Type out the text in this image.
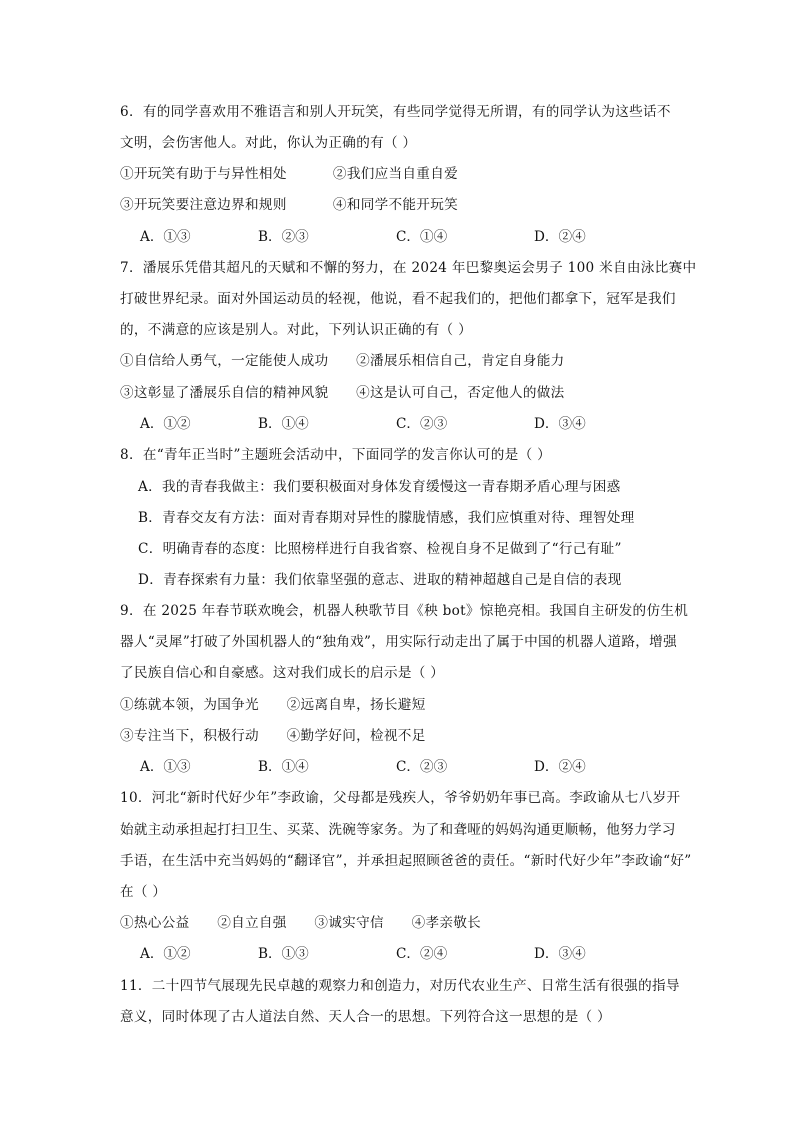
6．有的同学喜欢用不雅语言和别人开玩笑，有些同学觉得无所谓，有的同学认为这些话不
文明，会伤害他人。对此，你认为正确的有（ ）
①开玩笑有助于与异性相处          ②我们应当自重自爱
③开玩笑要注意边界和规则          ④和同学不能开玩笑
A．①③	B．②③	C．①④	D．②④
7．潘展乐凭借其超凡的天赋和不懈的努力，在 2024 年巴黎奥运会男子 100 米自由泳比赛中
打破世界纪录。面对外国运动员的轻视，他说，看不起我们的，把他们都拿下，冠军是我们
的，不满意的应该是别人。对此，下列认识正确的有（ ）
①自信给人勇气，一定能使人成功      ②潘展乐相信自己，肯定自身能力
③这彰显了潘展乐自信的精神风貌      ④这是认可自己，否定他人的做法
A．①②	B．①④	C．②③	D．③④
8．在“青年正当时”主题班会活动中，下面同学的发言你认可的是（ ）
A．我的青春我做主：我们要积极面对身体发育缓慢这一青春期矛盾心理与困惑
B．青春交友有方法：面对青春期对异性的朦胧情感，我们应慎重对待、理智处理
C．明确青春的态度：比照榜样进行自我省察、检视自身不足做到了“行己有耻”
D．青春探索有力量：我们依靠坚强的意志、进取的精神超越自己是自信的表现
9．在 2025 年春节联欢晚会，机器人秧歌节目《秧 bot》惊艳亮相。我国自主研发的仿生机
器人“灵犀”打破了外国机器人的“独角戏”，用实际行动走出了属于中国的机器人道路，增强
了民族自信心和自豪感。这对我们成长的启示是（ ）
①练就本领，为国争光      ②远离自卑，扬长避短
③专注当下，积极行动      ④勤学好问，检视不足
A．①③	B．①④	C．②③	D．②④
10．河北“新时代好少年”李政谕，父母都是残疾人，爷爷奶奶年事已高。李政谕从七八岁开
始就主动承担起打扫卫生、买菜、洗碗等家务。为了和聋哑的妈妈沟通更顺畅，他努力学习
手语，在生活中充当妈妈的“翻译官”，并承担起照顾爸爸的责任。“新时代好少年”李政谕“好”
在（ ）
①热心公益      ②自立自强      ③诚实守信      ④孝亲敬长
A．①②	B．①③	C．②④	D．③④
11．二十四节气展现先民卓越的观察力和创造力，对历代农业生产、日常生活有很强的指导
意义，同时体现了古人道法自然、天人合一的思想。下列符合这一思想的是（ ）
